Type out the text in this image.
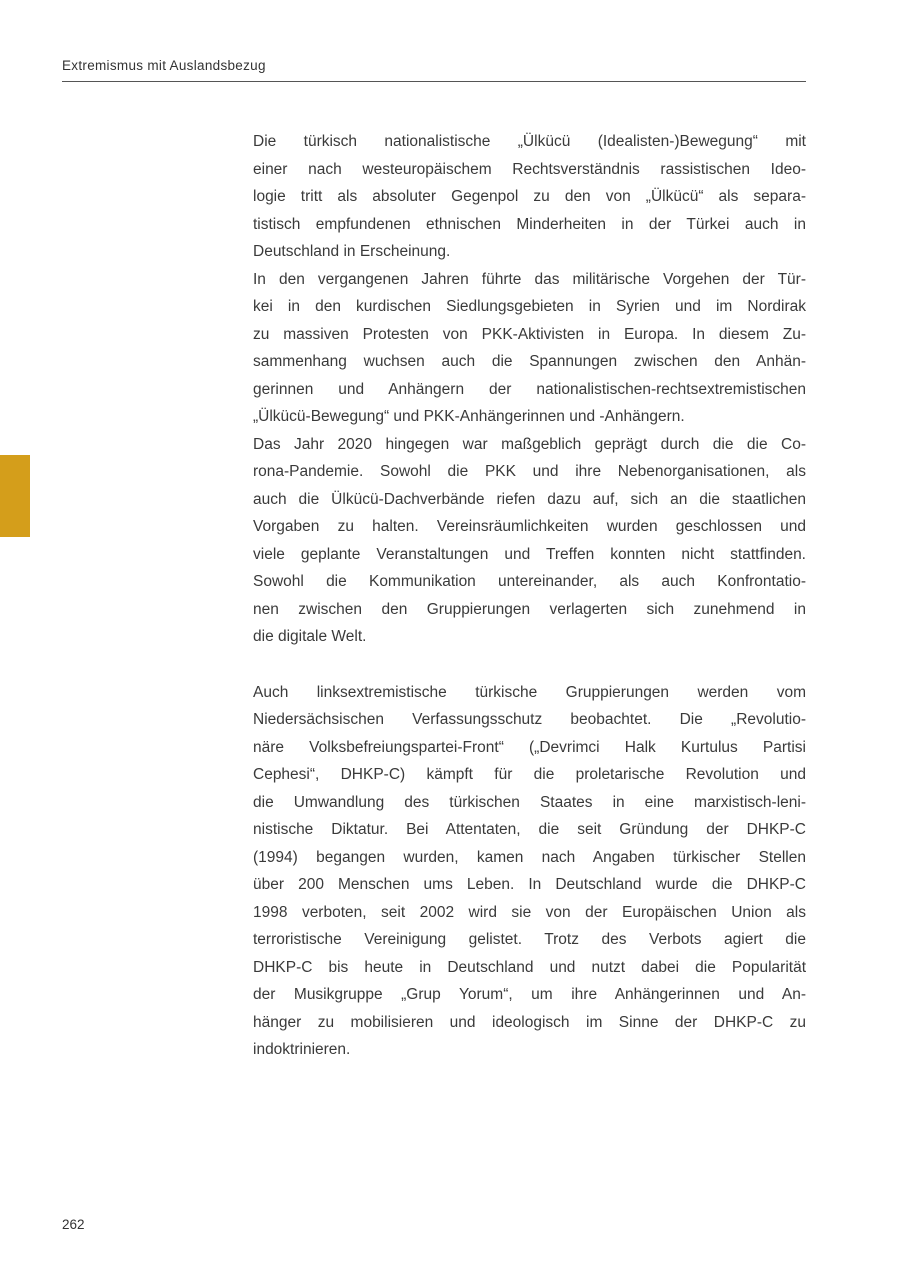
Extremismus mit Auslandsbezug
Die türkisch nationalistische „Ülkücü (Idealisten-)Bewegung“ mit
einer nach westeuropäischem Rechtsverständnis rassistischen Ideo-
logie tritt als absoluter Gegenpol zu den von „Ülkücü“ als separa-
tistisch empfundenen ethnischen Minderheiten in der Türkei auch in
Deutschland in Erscheinung.
In den vergangenen Jahren führte das militärische Vorgehen der Tür-
kei in den kurdischen Siedlungsgebieten in Syrien und im Nordirak
zu massiven Protesten von PKK-Aktivisten in Europa. In diesem Zu-
sammenhang wuchsen auch die Spannungen zwischen den Anhän-
gerinnen und Anhängern der nationalistischen-rechtsextremistischen
„Ülkücü-Bewegung“ und PKK-Anhängerinnen und -Anhängern.
Das Jahr 2020 hingegen war maßgeblich geprägt durch die die Co-
rona-Pandemie. Sowohl die PKK und ihre Nebenorganisationen, als
auch die Ülkücü-Dachverbände riefen dazu auf, sich an die staatlichen
Vorgaben zu halten. Vereinsräumlichkeiten wurden geschlossen und
viele geplante Veranstaltungen und Treffen konnten nicht stattfinden.
Sowohl die Kommunikation untereinander, als auch Konfrontatio-
nen zwischen den Gruppierungen verlagerten sich zunehmend in
die digitale Welt.
Auch linksextremistische türkische Gruppierungen werden vom
Niedersächsischen Verfassungsschutz beobachtet. Die „Revolutio-
näre Volksbefreiungspartei-Front“ („Devrimci Halk Kurtulus Partisi
Cephesi“, DHKP-C) kämpft für die proletarische Revolution und
die Umwandlung des türkischen Staates in eine marxistisch-leni-
nistische Diktatur. Bei Attentaten, die seit Gründung der DHKP-C
(1994) begangen wurden, kamen nach Angaben türkischer Stellen
über 200 Menschen ums Leben. In Deutschland wurde die DHKP-C
1998 verboten, seit 2002 wird sie von der Europäischen Union als
terroristische Vereinigung gelistet. Trotz des Verbots agiert die
DHKP-C bis heute in Deutschland und nutzt dabei die Popularität
der Musikgruppe „Grup Yorum“, um ihre Anhängerinnen und An-
hänger zu mobilisieren und ideologisch im Sinne der DHKP-C zu
indoktrinieren.
262
